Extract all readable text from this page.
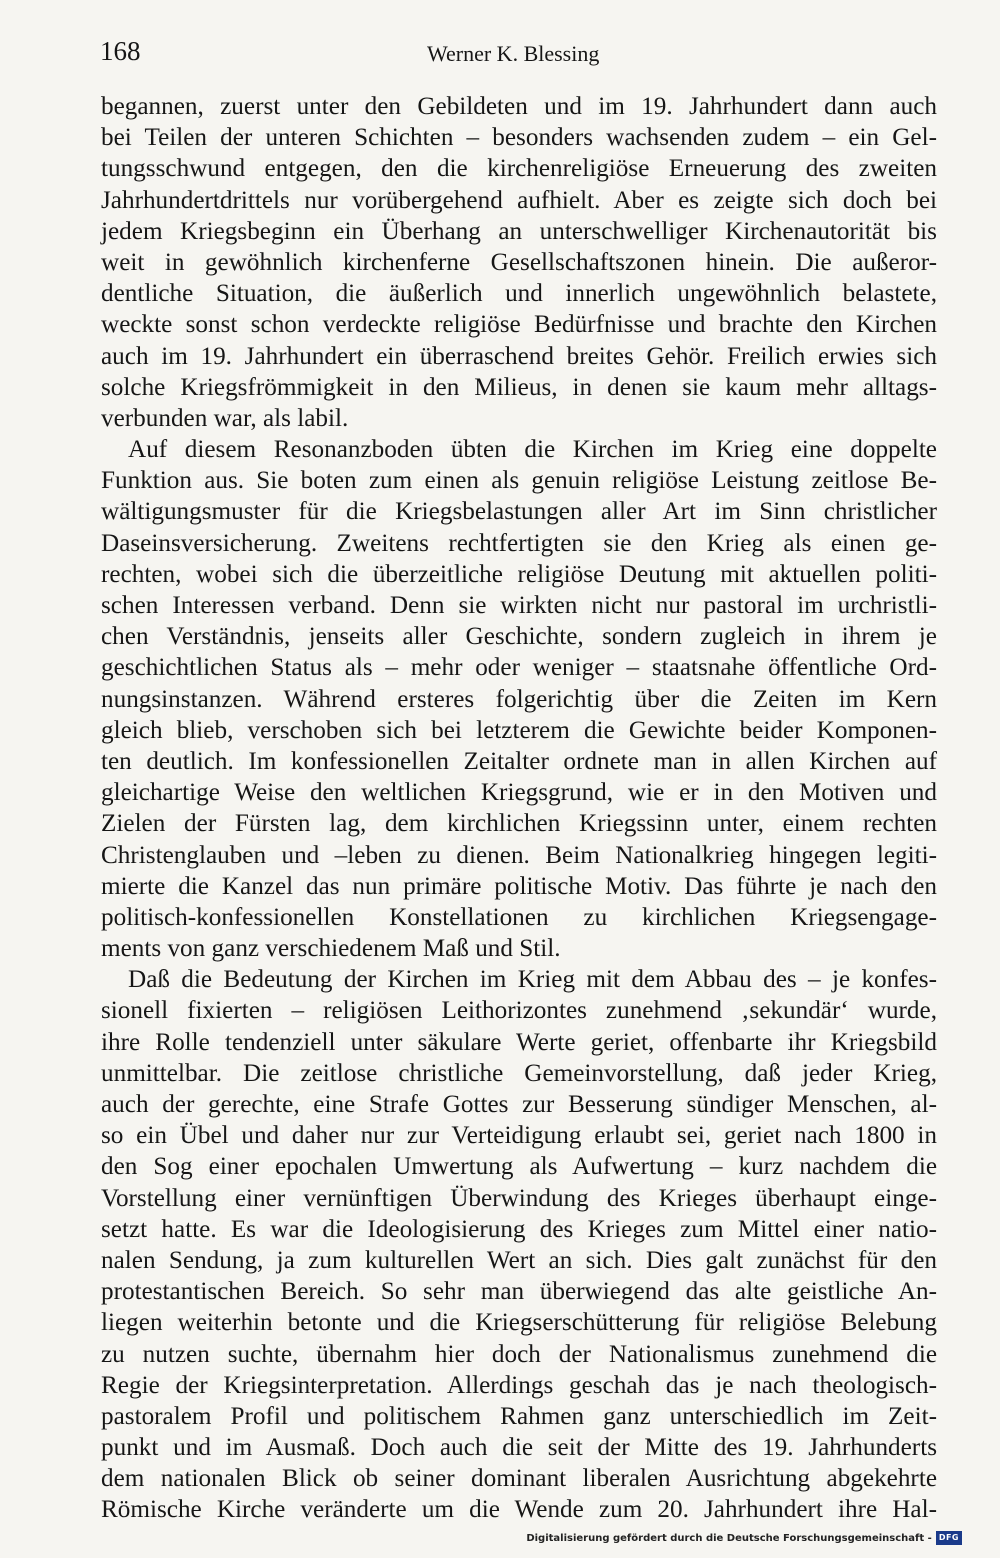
168	Werner K. Blessing
begannen, zuerst unter den Gebildeten und im 19. Jahrhundert dann auch
bei Teilen der unteren Schichten – besonders wachsenden zudem – ein Gel-
tungsschwund entgegen, den die kirchenreligiöse Erneuerung des zweiten
Jahrhundertdrittels nur vorübergehend aufhielt. Aber es zeigte sich doch bei
jedem Kriegsbeginn ein Überhang an unterschwelliger Kirchenautorität bis
weit in gewöhnlich kirchenferne Gesellschaftszonen hinein. Die außeror-
dentliche Situation, die äußerlich und innerlich ungewöhnlich belastete,
weckte sonst schon verdeckte religiöse Bedürfnisse und brachte den Kirchen
auch im 19. Jahrhundert ein überraschend breites Gehör. Freilich erwies sich
solche Kriegsfrömmigkeit in den Milieus, in denen sie kaum mehr alltags-
verbunden war, als labil.
Auf diesem Resonanzboden übten die Kirchen im Krieg eine doppelte
Funktion aus. Sie boten zum einen als genuin religiöse Leistung zeitlose Be-
wältigungsmuster für die Kriegsbelastungen aller Art im Sinn christlicher
Daseinsversicherung. Zweitens rechtfertigten sie den Krieg als einen ge-
rechten, wobei sich die überzeitliche religiöse Deutung mit aktuellen politi-
schen Interessen verband. Denn sie wirkten nicht nur pastoral im urchristli-
chen Verständnis, jenseits aller Geschichte, sondern zugleich in ihrem je
geschichtlichen Status als – mehr oder weniger – staatsnahe öffentliche Ord-
nungsinstanzen. Während ersteres folgerichtig über die Zeiten im Kern
gleich blieb, verschoben sich bei letzterem die Gewichte beider Komponen-
ten deutlich. Im konfessionellen Zeitalter ordnete man in allen Kirchen auf
gleichartige Weise den weltlichen Kriegsgrund, wie er in den Motiven und
Zielen der Fürsten lag, dem kirchlichen Kriegssinn unter, einem rechten
Christenglauben und –leben zu dienen. Beim Nationalkrieg hingegen legiti-
mierte die Kanzel das nun primäre politische Motiv. Das führte je nach den
politisch-konfessionellen Konstellationen zu kirchlichen Kriegsengage-
ments von ganz verschiedenem Maß und Stil.
Daß die Bedeutung der Kirchen im Krieg mit dem Abbau des – je konfes-
sionell fixierten – religiösen Leithorizontes zunehmend ‚sekundär‘ wurde,
ihre Rolle tendenziell unter säkulare Werte geriet, offenbarte ihr Kriegsbild
unmittelbar. Die zeitlose christliche Gemeinvorstellung, daß jeder Krieg,
auch der gerechte, eine Strafe Gottes zur Besserung sündiger Menschen, al-
so ein Übel und daher nur zur Verteidigung erlaubt sei, geriet nach 1800 in
den Sog einer epochalen Umwertung als Aufwertung – kurz nachdem die
Vorstellung einer vernünftigen Überwindung des Krieges überhaupt einge-
setzt hatte. Es war die Ideologisierung des Krieges zum Mittel einer natio-
nalen Sendung, ja zum kulturellen Wert an sich. Dies galt zunächst für den
protestantischen Bereich. So sehr man überwiegend das alte geistliche An-
liegen weiterhin betonte und die Kriegserschütterung für religiöse Belebung
zu nutzen suchte, übernahm hier doch der Nationalismus zunehmend die
Regie der Kriegsinterpretation. Allerdings geschah das je nach theologisch-
pastoralem Profil und politischem Rahmen ganz unterschiedlich im Zeit-
punkt und im Ausmaß. Doch auch die seit der Mitte des 19. Jahrhunderts
dem nationalen Blick ob seiner dominant liberalen Ausrichtung abgekehrte
Römische Kirche veränderte um die Wende zum 20. Jahrhundert ihre Hal-
Digitalisierung gefördert durch die Deutsche Forschungsgemeinschaft - DFG
